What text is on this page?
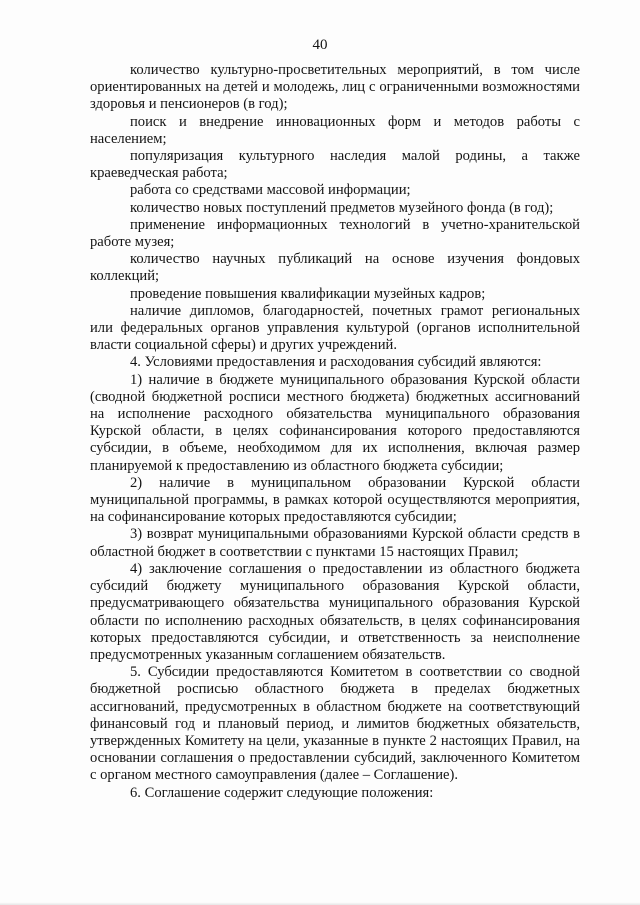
40

количество культурно-просветительных мероприятий, в том числе ориентированных на детей и молодежь, лиц с ограниченными возможностями здоровья и пенсионеров (в год);

поиск и внедрение инновационных форм и методов работы с населением;

популяризация культурного наследия малой родины, а также краеведческая работа;

работа со средствами массовой информации;

количество новых поступлений предметов музейного фонда (в год);

применение информационных технологий в учетно-хранительской работе музея;

количество научных публикаций на основе изучения фондовых коллекций;

проведение повышения квалификации музейных кадров;

наличие дипломов, благодарностей, почетных грамот региональных или федеральных органов управления культурой (органов исполнительной власти социальной сферы) и других учреждений.

4. Условиями предоставления и расходования субсидий являются:

1) наличие в бюджете муниципального образования Курской области (сводной бюджетной росписи местного бюджета) бюджетных ассигнований на исполнение расходного обязательства муниципального образования Курской области, в целях софинансирования которого предоставляются субсидии, в объеме, необходимом для их исполнения, включая размер планируемой к предоставлению из областного бюджета субсидии;

2) наличие в муниципальном образовании Курской области муниципальной программы, в рамках которой осуществляются мероприятия, на софинансирование которых предоставляются субсидии;

3) возврат муниципальными образованиями Курской области средств в областной бюджет в соответствии с пунктами 15 настоящих Правил;

4) заключение соглашения о предоставлении из областного бюджета субсидий бюджету муниципального образования Курской области, предусматривающего обязательства муниципального образования Курской области по исполнению расходных обязательств, в целях софинансирования которых предоставляются субсидии, и ответственность за неисполнение предусмотренных указанным соглашением обязательств.

5. Субсидии предоставляются Комитетом в соответствии со сводной бюджетной росписью областного бюджета в пределах бюджетных ассигнований, предусмотренных в областном бюджете на соответствующий финансовый год и плановый период, и лимитов бюджетных обязательств, утвержденных Комитету на цели, указанные в пункте 2 настоящих Правил, на основании соглашения о предоставлении субсидий, заключенного Комитетом с органом местного самоуправления (далее – Соглашение).

6. Соглашение содержит следующие положения:
